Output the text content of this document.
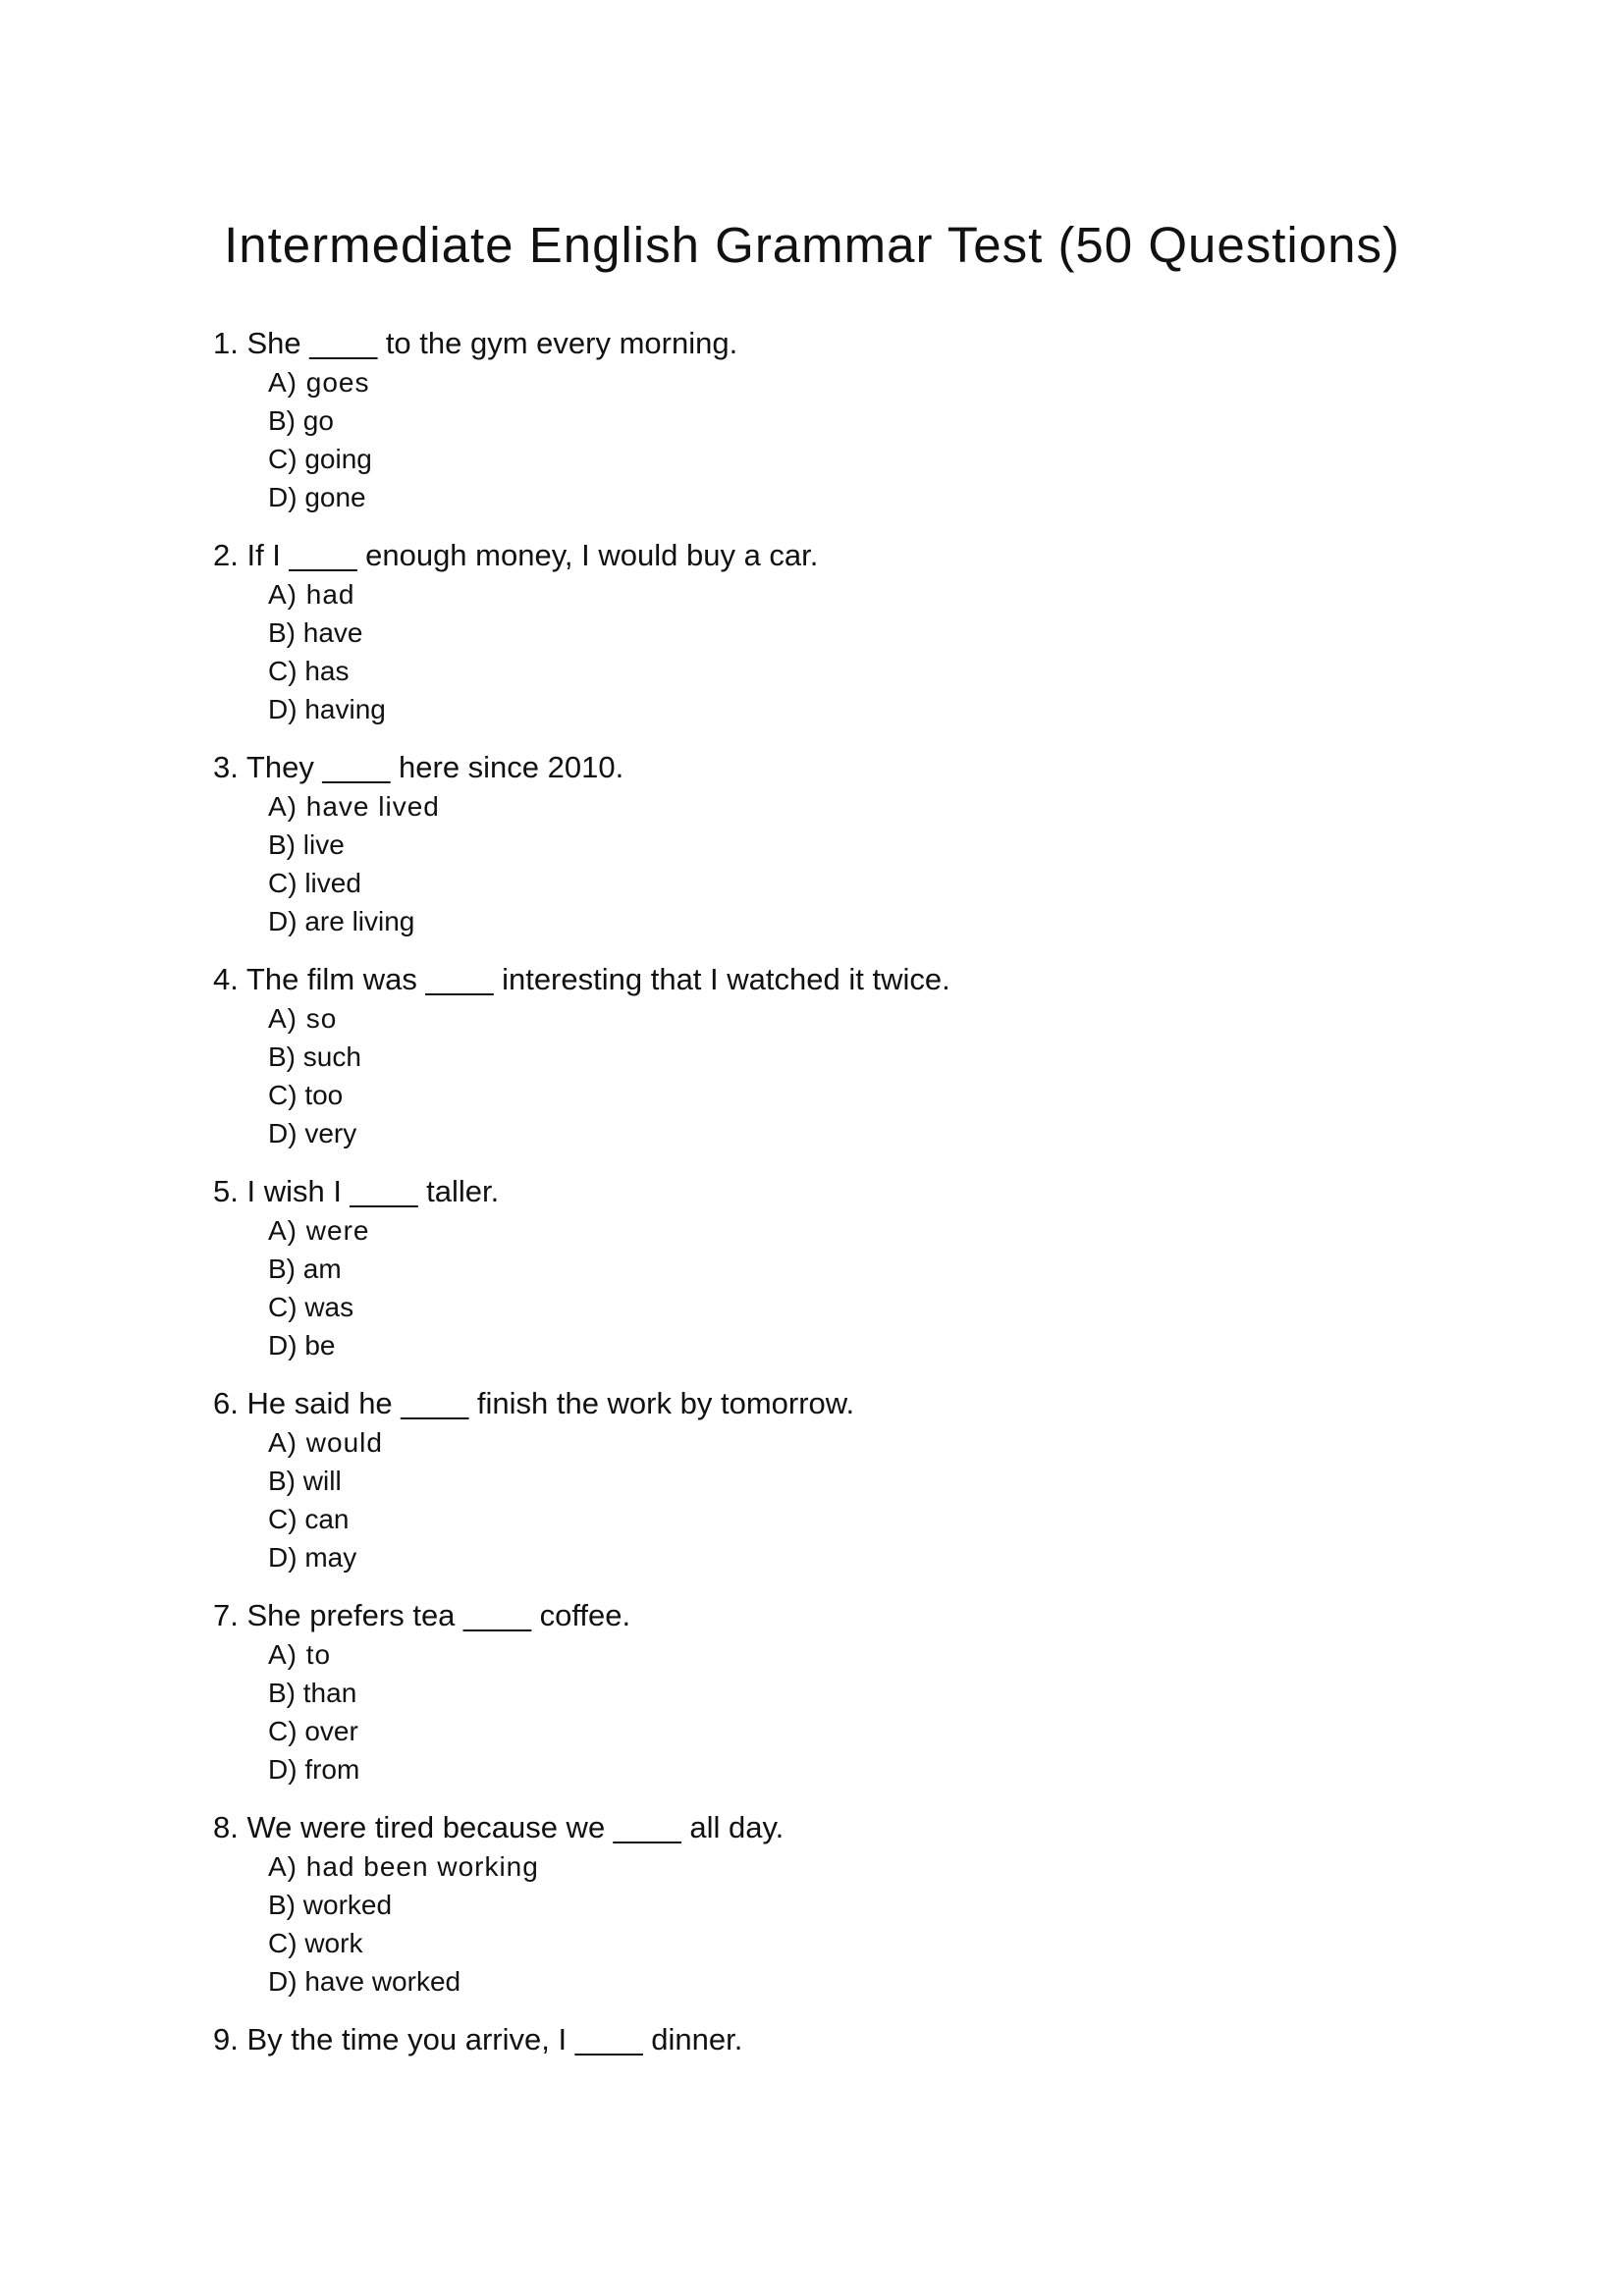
Intermediate English Grammar Test (50 Questions)
1. She ____ to the gym every morning.
A) goes
B) go
C) going
D) gone
2. If I ____ enough money, I would buy a car.
A) had
B) have
C) has
D) having
3. They ____ here since 2010.
A) have lived
B) live
C) lived
D) are living
4. The film was ____ interesting that I watched it twice.
A) so
B) such
C) too
D) very
5. I wish I ____ taller.
A) were
B) am
C) was
D) be
6. He said he ____ finish the work by tomorrow.
A) would
B) will
C) can
D) may
7. She prefers tea ____ coffee.
A) to
B) than
C) over
D) from
8. We were tired because we ____ all day.
A) had been working
B) worked
C) work
D) have worked
9. By the time you arrive, I ____ dinner.
